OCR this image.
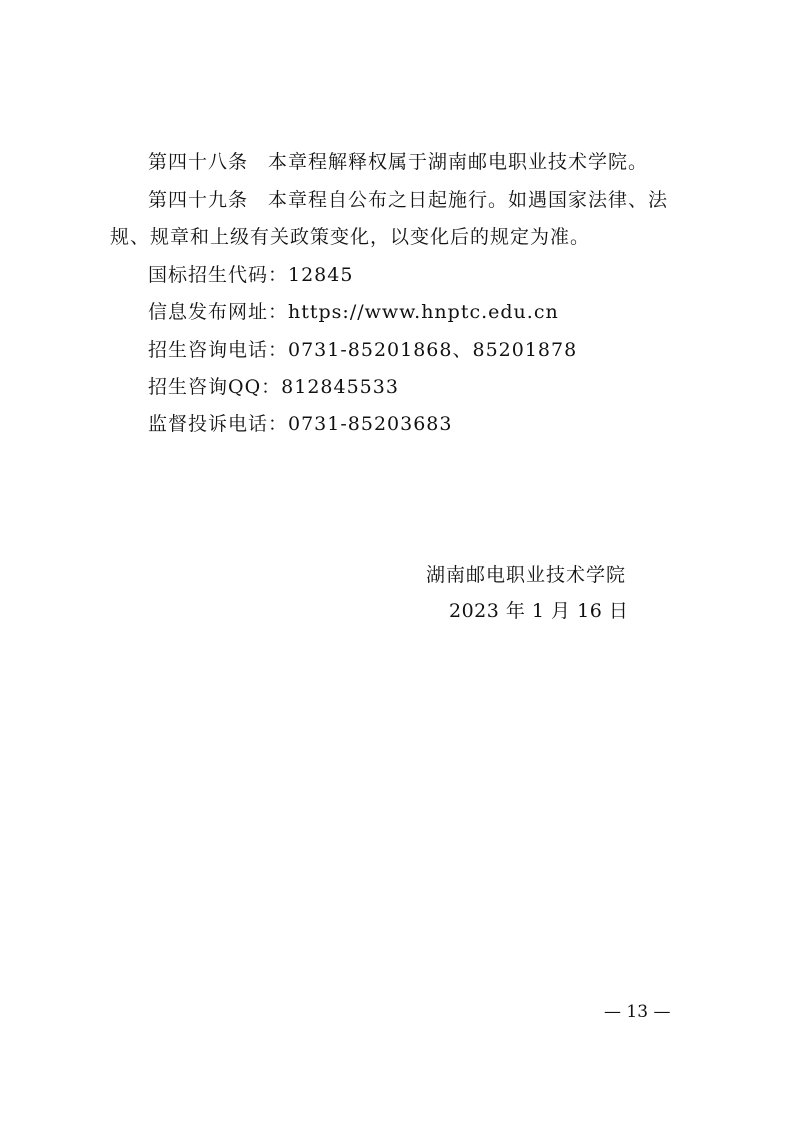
第四十八条　本章程解释权属于湖南邮电职业技术学院。
第四十九条　本章程自公布之日起施行。如遇国家法律、法
规、规章和上级有关政策变化，以变化后的规定为准。
国标招生代码：12845
信息发布网址：https://www.hnptc.edu.cn
招生咨询电话：0731-85201868、85201878
招生咨询QQ：812845533
监督投诉电话：0731-85203683
湖南邮电职业技术学院
2023 年 1 月 16 日
— 13 —
